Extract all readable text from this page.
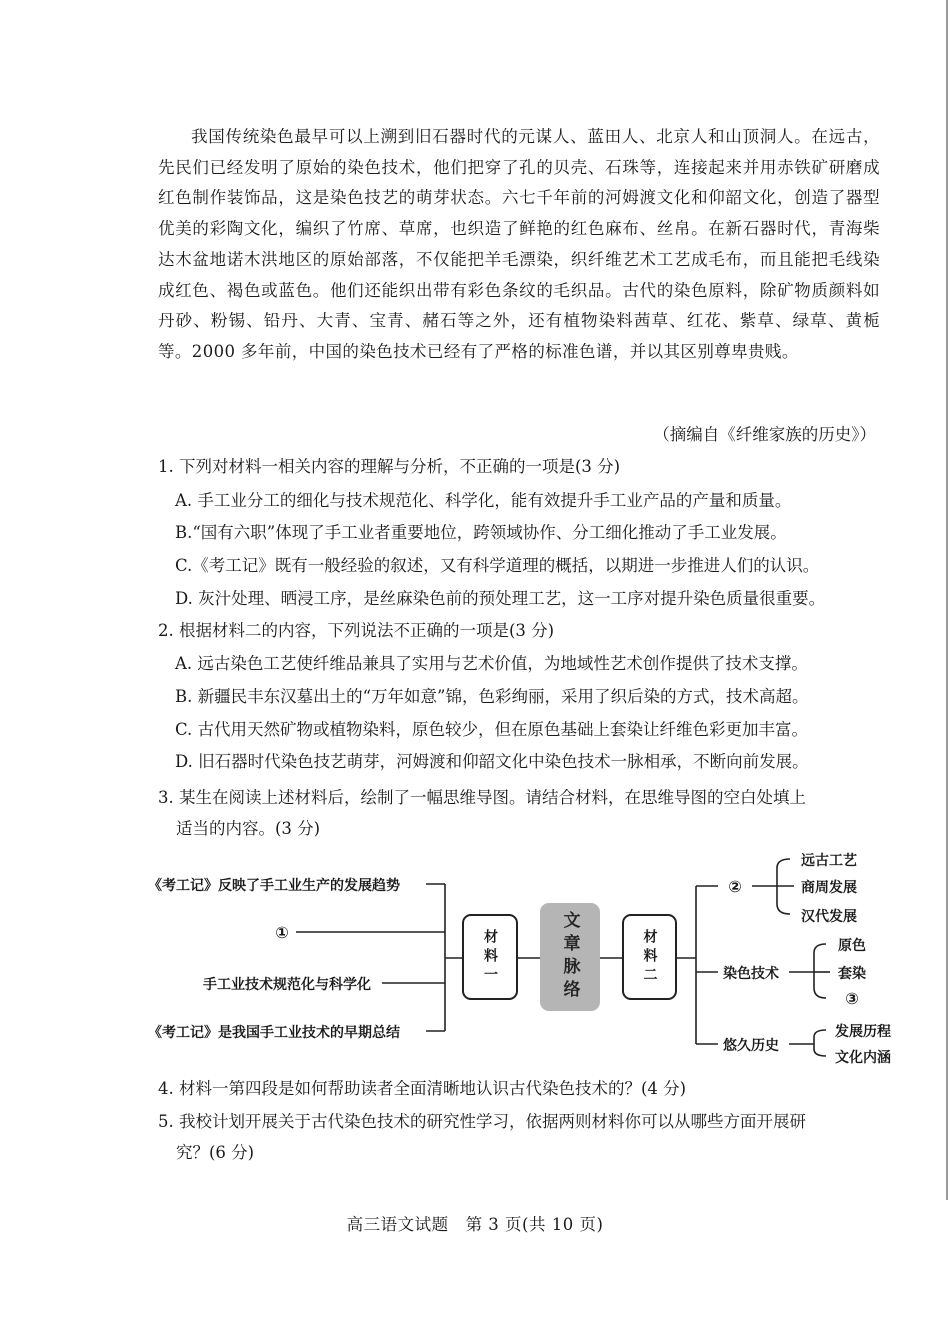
我国传统染色最早可以上溯到旧石器时代的元谋人、蓝田人、北京人和山顶洞人。在远古，先民们已经发明了原始的染色技术，他们把穿了孔的贝壳、石珠等，连接起来并用赤铁矿研磨成红色制作装饰品，这是染色技艺的萌芽状态。六七千年前的河姆渡文化和仰韶文化，创造了器型优美的彩陶文化，编织了竹席、草席，也织造了鲜艳的红色麻布、丝帛。在新石器时代，青海柴达木盆地诺木洪地区的原始部落，不仅能把羊毛漂染，织纤维艺术工艺成毛布，而且能把毛线染成红色、褐色或蓝色。他们还能织出带有彩色条纹的毛织品。古代的染色原料，除矿物质颜料如丹砂、粉锡、铅丹、大青、宝青、赭石等之外，还有植物染料茜草、红花、紫草、绿草、黄栀等。2000 多年前，中国的染色技术已经有了严格的标准色谱，并以其区别尊卑贵贱。

（摘编自《纤维家族的历史》）
1. 下列对材料一相关内容的理解与分析，不正确的一项是(3 分)
A. 手工业分工的细化与技术规范化、科学化，能有效提升手工业产品的产量和质量。
B.“国有六职”体现了手工业者重要地位，跨领域协作、分工细化推动了手工业发展。
C.《考工记》既有一般经验的叙述，又有科学道理的概括，以期进一步推进人们的认识。
D. 灰汁处理、晒浸工序，是丝麻染色前的预处理工艺，这一工序对提升染色质量很重要。
2. 根据材料二的内容，下列说法不正确的一项是(3 分)
A. 远古染色工艺使纤维品兼具了实用与艺术价值，为地域性艺术创作提供了技术支撑。
B. 新疆民丰东汉墓出土的“万年如意”锦，色彩绚丽，采用了织后染的方式，技术高超。
C. 古代用天然矿物或植物染料，原色较少，但在原色基础上套染让纤维色彩更加丰富。
D. 旧石器时代染色技艺萌芽，河姆渡和仰韶文化中染色技术一脉相承，不断向前发展。
3. 某生在阅读上述材料后，绘制了一幅思维导图。请结合材料，在思维导图的空白处填上
适当的内容。(3 分)
《考工记》反映了手工业生产的发展趋势
①
手工业技术规范化与科学化
《考工记》是我国手工业技术的早期总结
材料一	文章脉络	材料二
②
远古工艺
商周发展
汉代发展
染色技术
原色
套染
③
悠久历史
发展历程
文化内涵
4. 材料一第四段是如何帮助读者全面清晰地认识古代染色技术的？(4 分)
5. 我校计划开展关于古代染色技术的研究性学习，依据两则材料你可以从哪些方面开展研
究？(6 分)
高三语文试题　第 3 页(共 10 页)
